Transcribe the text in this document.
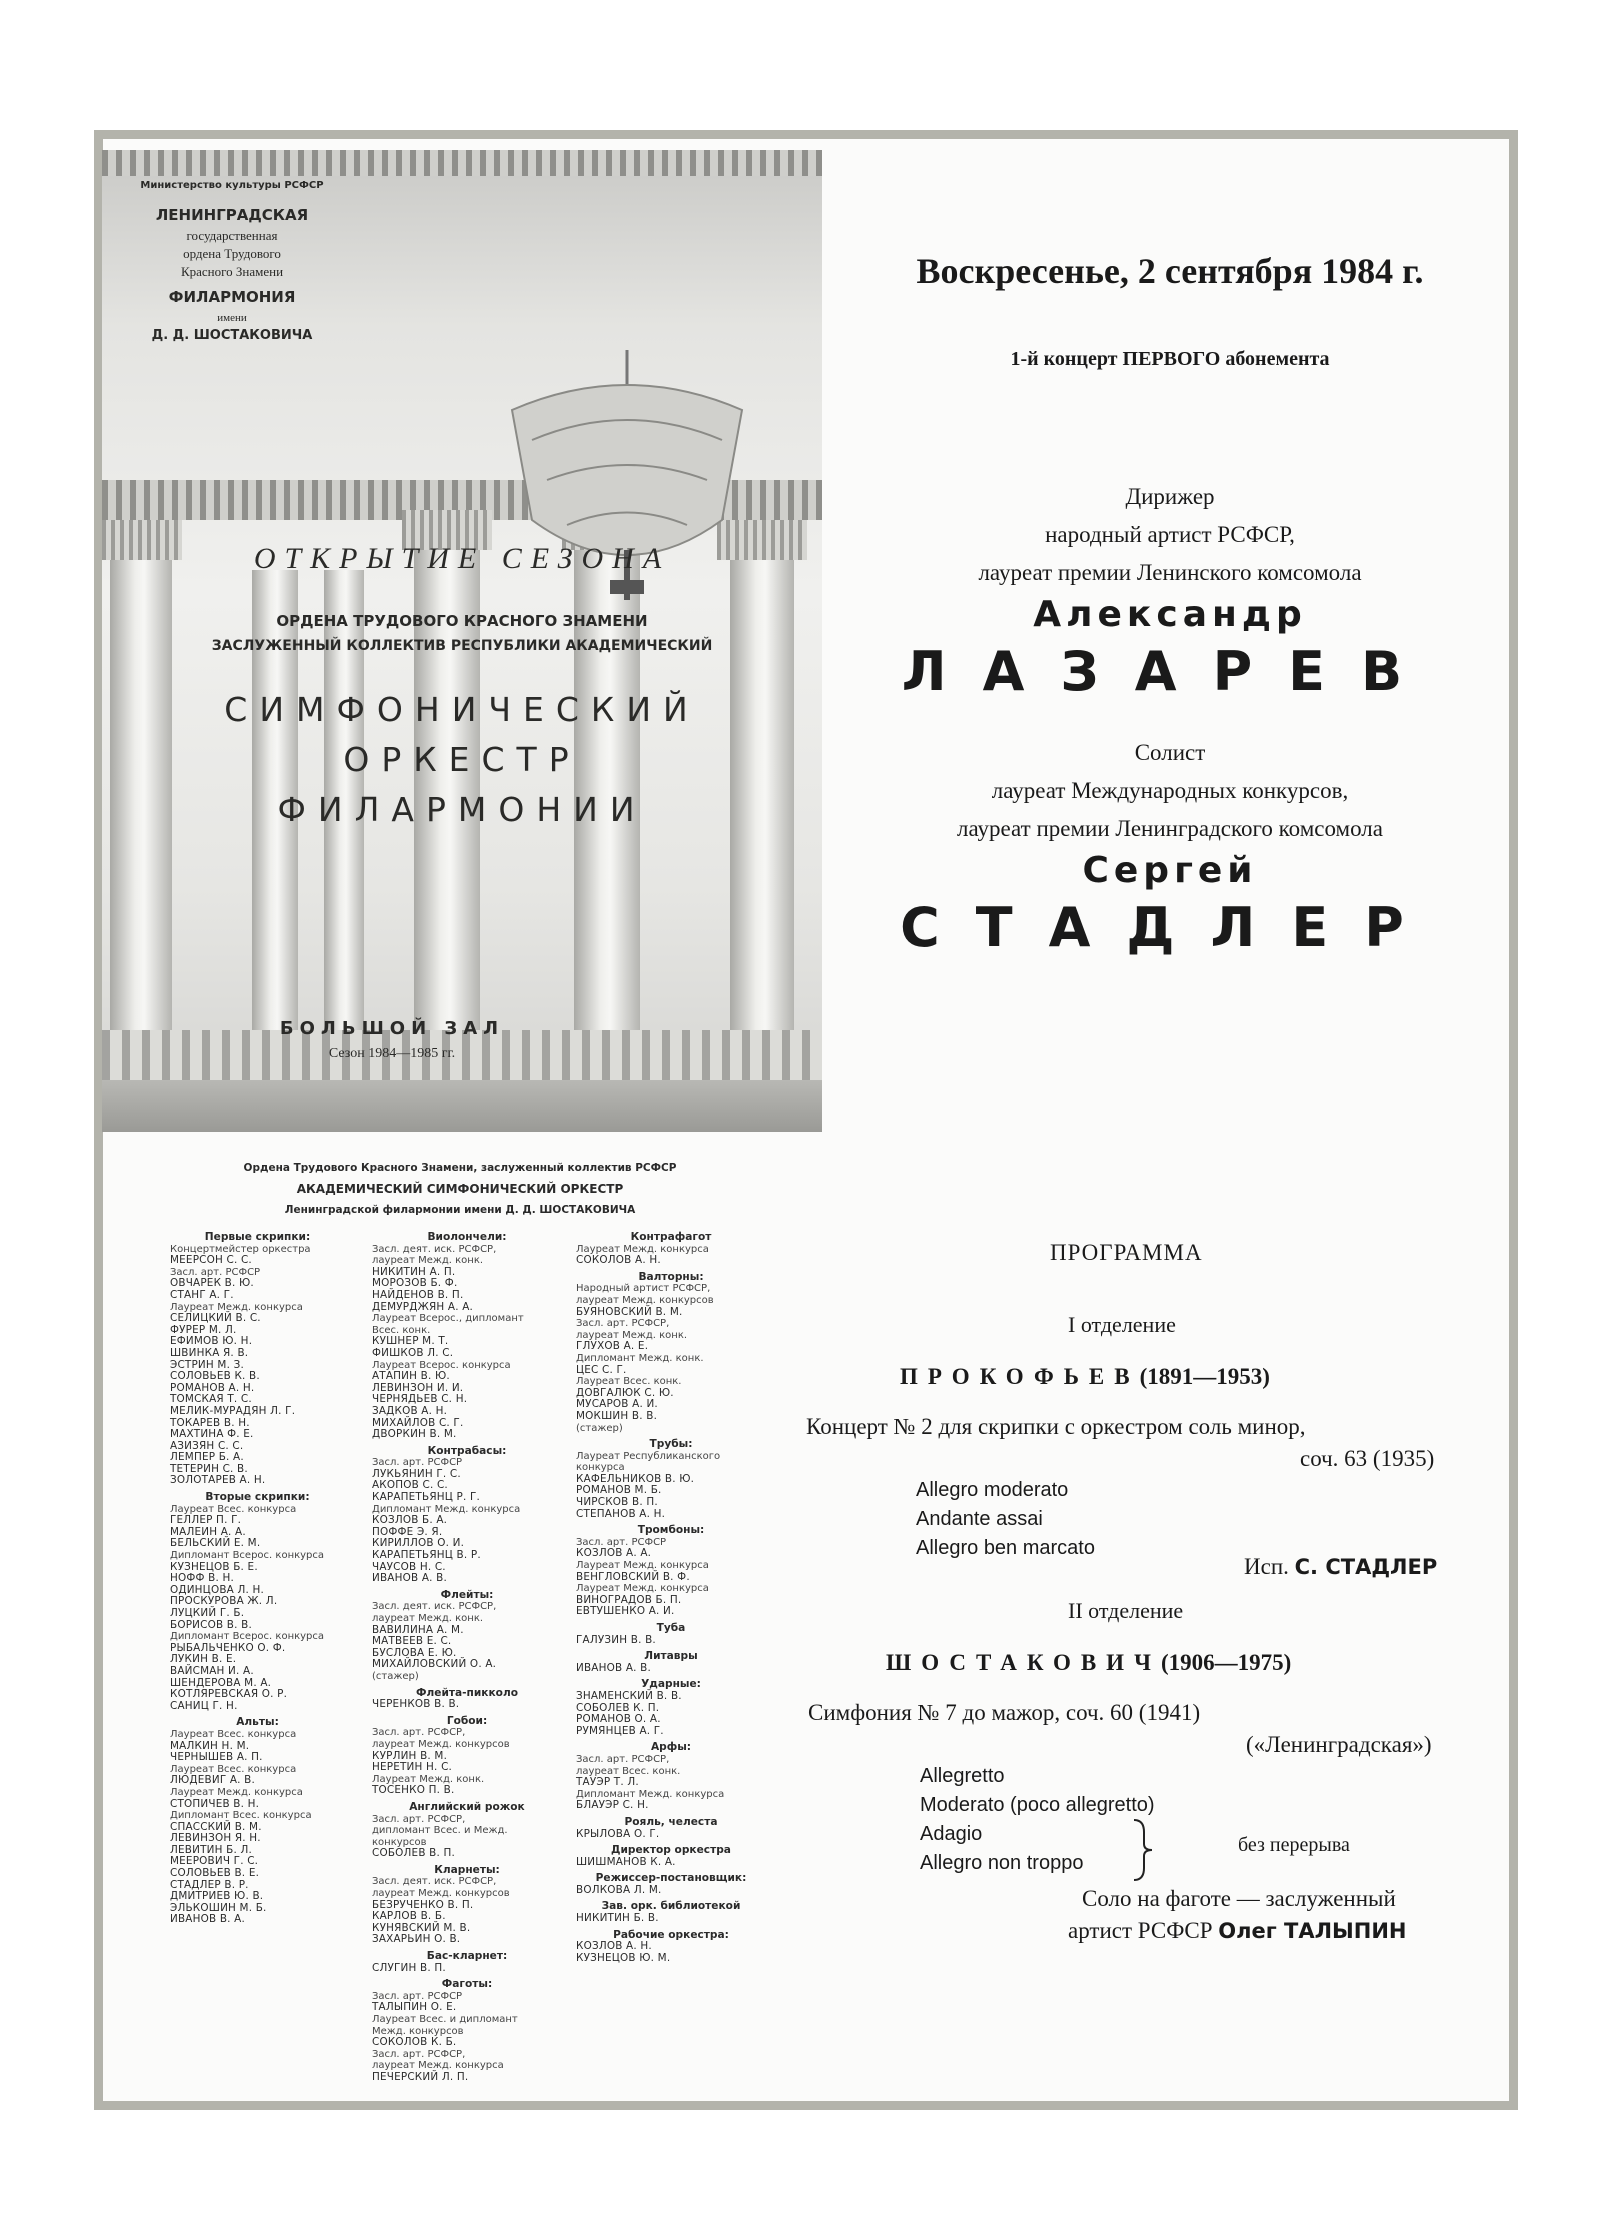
Министерство культуры РСФСР
ЛЕНИНГРАДСКАЯ
государственная
ордена Трудового
Красного Знамени
ФИЛАРМОНИЯ
имени
Д. Д. ШОСТАКОВИЧА
ОТКРЫТИЕ СЕЗОНА
ОРДЕНА ТРУДОВОГО КРАСНОГО ЗНАМЕНИ
ЗАСЛУЖЕННЫЙ КОЛЛЕКТИВ РЕСПУБЛИКИ АКАДЕМИЧЕСКИЙ
СИМФОНИЧЕСКИЙ
ОРКЕСТР
ФИЛАРМОНИИ
БОЛЬШОЙ ЗАЛ
Сезон 1984—1985 гг.
Воскресенье, 2 сентября 1984 г.
1-й концерт ПЕРВОГО абонемента
Дирижер
народный артист РСФСР,
лауреат премии Ленинского комсомола
Александр
ЛАЗАРЕВ
Солист
лауреат Международных конкурсов,
лауреат премии Ленинградского комсомола
Сергей
СТАДЛЕР
Ордена Трудового Красного Знамени, заслуженный коллектив РСФСР
АКАДЕМИЧЕСКИЙ СИМФОНИЧЕСКИЙ ОРКЕСТР
Ленинградской филармонии имени Д. Д. ШОСТАКОВИЧА
Первые скрипки:
Концертмейстер оркестра
МЕЕРСОН С. С.
Засл. арт. РСФСР
ОВЧАРЕК В. Ю.
СТАНГ А. Г.
Лауреат Межд. конкурса
СЕЛИЦКИЙ В. С.
ФУРЕР М. Л.
ЕФИМОВ Ю. Н.
ШВИНКА Я. В.
ЭСТРИН М. З.
СОЛОВЬЕВ К. В.
РОМАНОВ А. Н.
ТОМСКАЯ Т. С.
МЕЛИК-МУРАДЯН Л. Г.
ТОКАРЕВ В. Н.
МАХТИНА Ф. Е.
АЗИЗЯН С. С.
ЛЕМПЕР Б. А.
ТЕТЕРИН С. В.
ЗОЛОТАРЕВ А. Н.
Вторые скрипки:
Лауреат Всес. конкурса
ГЕЛЛЕР П. Г.
МАЛЕИН А. А.
БЕЛЬСКИЙ Е. М.
Дипломант Всерос. конкурса
КУЗНЕЦОВ Б. Е.
НОФФ В. Н.
ОДИНЦОВА Л. Н.
ПРОСКУРОВА Ж. Л.
ЛУЦКИЙ Г. Б.
БОРИСОВ В. В.
Дипломант Всерос. конкурса
РЫБАЛЬЧЕНКО О. Ф.
ЛУКИН В. Е.
ВАЙСМАН И. А.
ШЕНДЕРОВА М. А.
КОТЛЯРЕВСКАЯ О. Р.
САНИЦ Г. Н.
Альты:
Лауреат Всес. конкурса
МАЛКИН Н. М.
ЧЕРНЫШЕВ А. П.
Лауреат Всес. конкурса
ЛЮДЕВИГ А. В.
Лауреат Межд. конкурса
СТОПИЧЕВ В. Н.
Дипломант Всес. конкурса
СПАССКИЙ В. М.
ЛЕВИНЗОН Я. Н.
ЛЕВИТИН Б. Л.
МЕЕРОВИЧ Г. С.
СОЛОВЬЕВ В. Е.
СТАДЛЕР В. Р.
ДМИТРИЕВ Ю. В.
ЭЛЬКОШИН М. Б.
ИВАНОВ В. А.
Виолончели:
Засл. деят. иск. РСФСР,
лауреат Межд. конк.
НИКИТИН А. П.
МОРОЗОВ Б. Ф.
НАЙДЕНОВ В. П.
ДЕМУРДЖЯН А. А.
Лауреат Всерос., дипломант
Всес. конк.
КУШНЕР М. Т.
ФИШКОВ Л. С.
Лауреат Всерос. конкурса
АТАПИН В. Ю.
ЛЕВИНЗОН И. И.
ЧЕРНЯДЬЕВ С. Н.
ЗАДКОВ А. Н.
МИХАЙЛОВ С. Г.
ДВОРКИН В. М.
Контрабасы:
Засл. арт. РСФСР
ЛУКЬЯНИН Г. С.
АКОПОВ С. С.
КАРАПЕТЬЯНЦ Р. Г.
Дипломант Межд. конкурса
КОЗЛОВ Б. А.
ПОФФЕ Э. Я.
КИРИЛЛОВ О. И.
КАРАПЕТЬЯНЦ В. Р.
ЧАУСОВ Н. С.
ИВАНОВ А. В.
Флейты:
Засл. деят. иск. РСФСР,
лауреат Межд. конк.
ВАВИЛИНА А. М.
МАТВЕЕВ Е. С.
БУСЛОВА Е. Ю.
МИХАЙЛОВСКИЙ О. А.
(стажер)
Флейта-пикколо
ЧЕРЕНКОВ В. В.
Гобои:
Засл. арт. РСФСР,
лауреат Межд. конкурсов
КУРЛИН В. М.
НЕРЕТИН Н. С.
Лауреат Межд. конк.
ТОСЕНКО П. В.
Английский рожок
Засл. арт. РСФСР,
дипломант Всес. и Межд.
конкурсов
СОБОЛЕВ В. П.
Кларнеты:
Засл. деят. иск. РСФСР,
лауреат Межд. конкурсов
БЕЗРУЧЕНКО В. П.
КАРЛОВ В. Б.
КУНЯВСКИЙ М. В.
ЗАХАРЬИН О. В.
Бас-кларнет:
СЛУГИН В. П.
Фаготы:
Засл. арт. РСФСР
ТАЛЫПИН О. Е.
Лауреат Всес. и дипломант
Межд. конкурсов
СОКОЛОВ К. Б.
Засл. арт. РСФСР,
лауреат Межд. конкурса
ПЕЧЕРСКИЙ Л. П.
Контрафагот
Лауреат Межд. конкурса
СОКОЛОВ А. Н.
Валторны:
Народный артист РСФСР,
лауреат Межд. конкурсов
БУЯНОВСКИЙ В. М.
Засл. арт. РСФСР,
лауреат Межд. конк.
ГЛУХОВ А. Е.
Дипломант Межд. конк.
ЦЕС С. Г.
Лауреат Всес. конк.
ДОВГАЛЮК С. Ю.
МУСАРОВ А. И.
МОКШИН В. В.
(стажер)
Трубы:
Лауреат Республиканского
конкурса
КАФЕЛЬНИКОВ В. Ю.
РОМАНОВ М. Б.
ЧИРСКОВ В. П.
СТЕПАНОВ А. Н.
Тромбоны:
Засл. арт. РСФСР
КОЗЛОВ А. А.
Лауреат Межд. конкурса
ВЕНГЛОВСКИЙ В. Ф.
Лауреат Межд. конкурса
ВИНОГРАДОВ Б. П.
ЕВТУШЕНКО А. И.
Туба
ГАЛУЗИН В. В.
Литавры
ИВАНОВ А. В.
Ударные:
ЗНАМЕНСКИЙ В. В.
СОБОЛЕВ К. П.
РОМАНОВ О. А.
РУМЯНЦЕВ А. Г.
Арфы:
Засл. арт. РСФСР,
лауреат Всес. конк.
ТАУЭР Т. Л.
Дипломант Межд. конкурса
БЛАУЭР С. Н.
Рояль, челеста
КРЫЛОВА О. Г.
Директор оркестра
ШИШМАНОВ К. А.
Режиссер-постановщик:
ВОЛКОВА Л. М.
Зав. орк. библиотекой
НИКИТИН Б. В.
Рабочие оркестра:
КОЗЛОВ А. Н.
КУЗНЕЦОВ Ю. М.
ПРОГРАММА
I отделение
ПРОКОФЬЕВ(1891—1953)
Концерт № 2 для скрипки с оркестром соль минор,
соч. 63 (1935)
Allegro moderato
Andante assai
Allegro ben marcato
Исп. С. СТАДЛЕР
II отделение
ШОСТАКОВИЧ(1906—1975)
Симфония № 7 до мажор, соч. 60 (1941)
(«Ленинградская»)
Allegretto
Moderato (poco allegretto)
Adagio
Allegro non troppo
без перерыва
Соло на фаготе — заслуженный
артист РСФСР Олег ТАЛЫПИН
